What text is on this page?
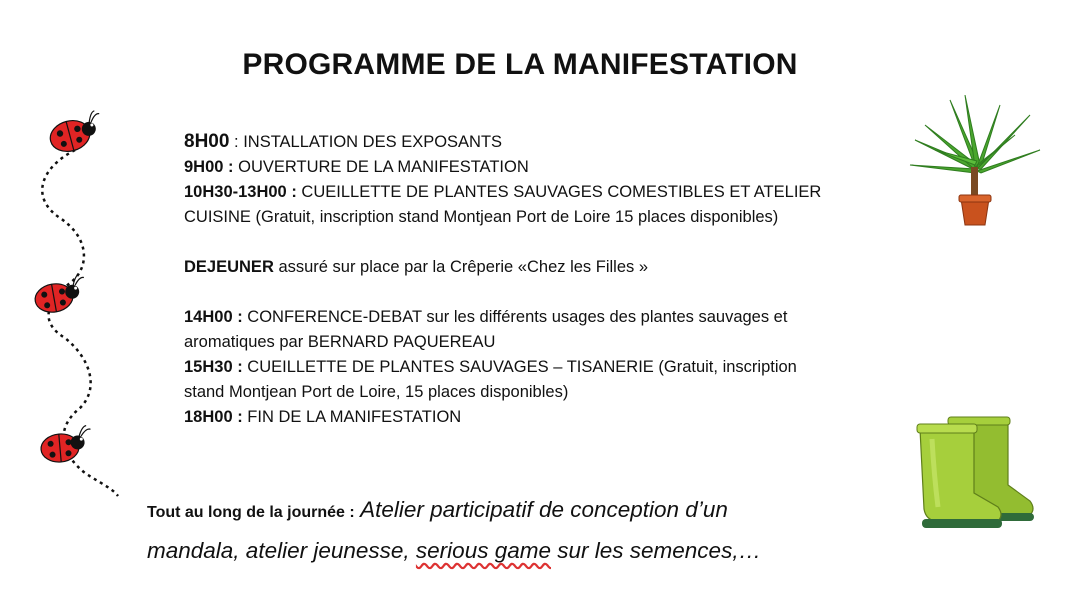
PROGRAMME DE LA MANIFESTATION
8H00 : INSTALLATION DES EXPOSANTS
9H00 : OUVERTURE DE LA MANIFESTATION
10H30-13H00 : CUEILLETTE DE PLANTES SAUVAGES COMESTIBLES ET ATELIER
CUISINE (Gratuit, inscription stand Montjean Port de Loire 15 places disponibles)
DEJEUNER assuré sur place par la Crêperie «Chez les Filles »
14H00 : CONFERENCE-DEBAT sur les différents usages des plantes sauvages et
aromatiques par BERNARD PAQUEREAU
15H30 : CUEILLETTE DE PLANTES SAUVAGES – TISANERIE (Gratuit, inscription
stand Montjean Port de Loire, 15 places disponibles)
18H00 : FIN DE LA MANIFESTATION
Tout au long de la journée : Atelier participatif de conception d’un
mandala, atelier jeunesse, serious game sur les semences,…
